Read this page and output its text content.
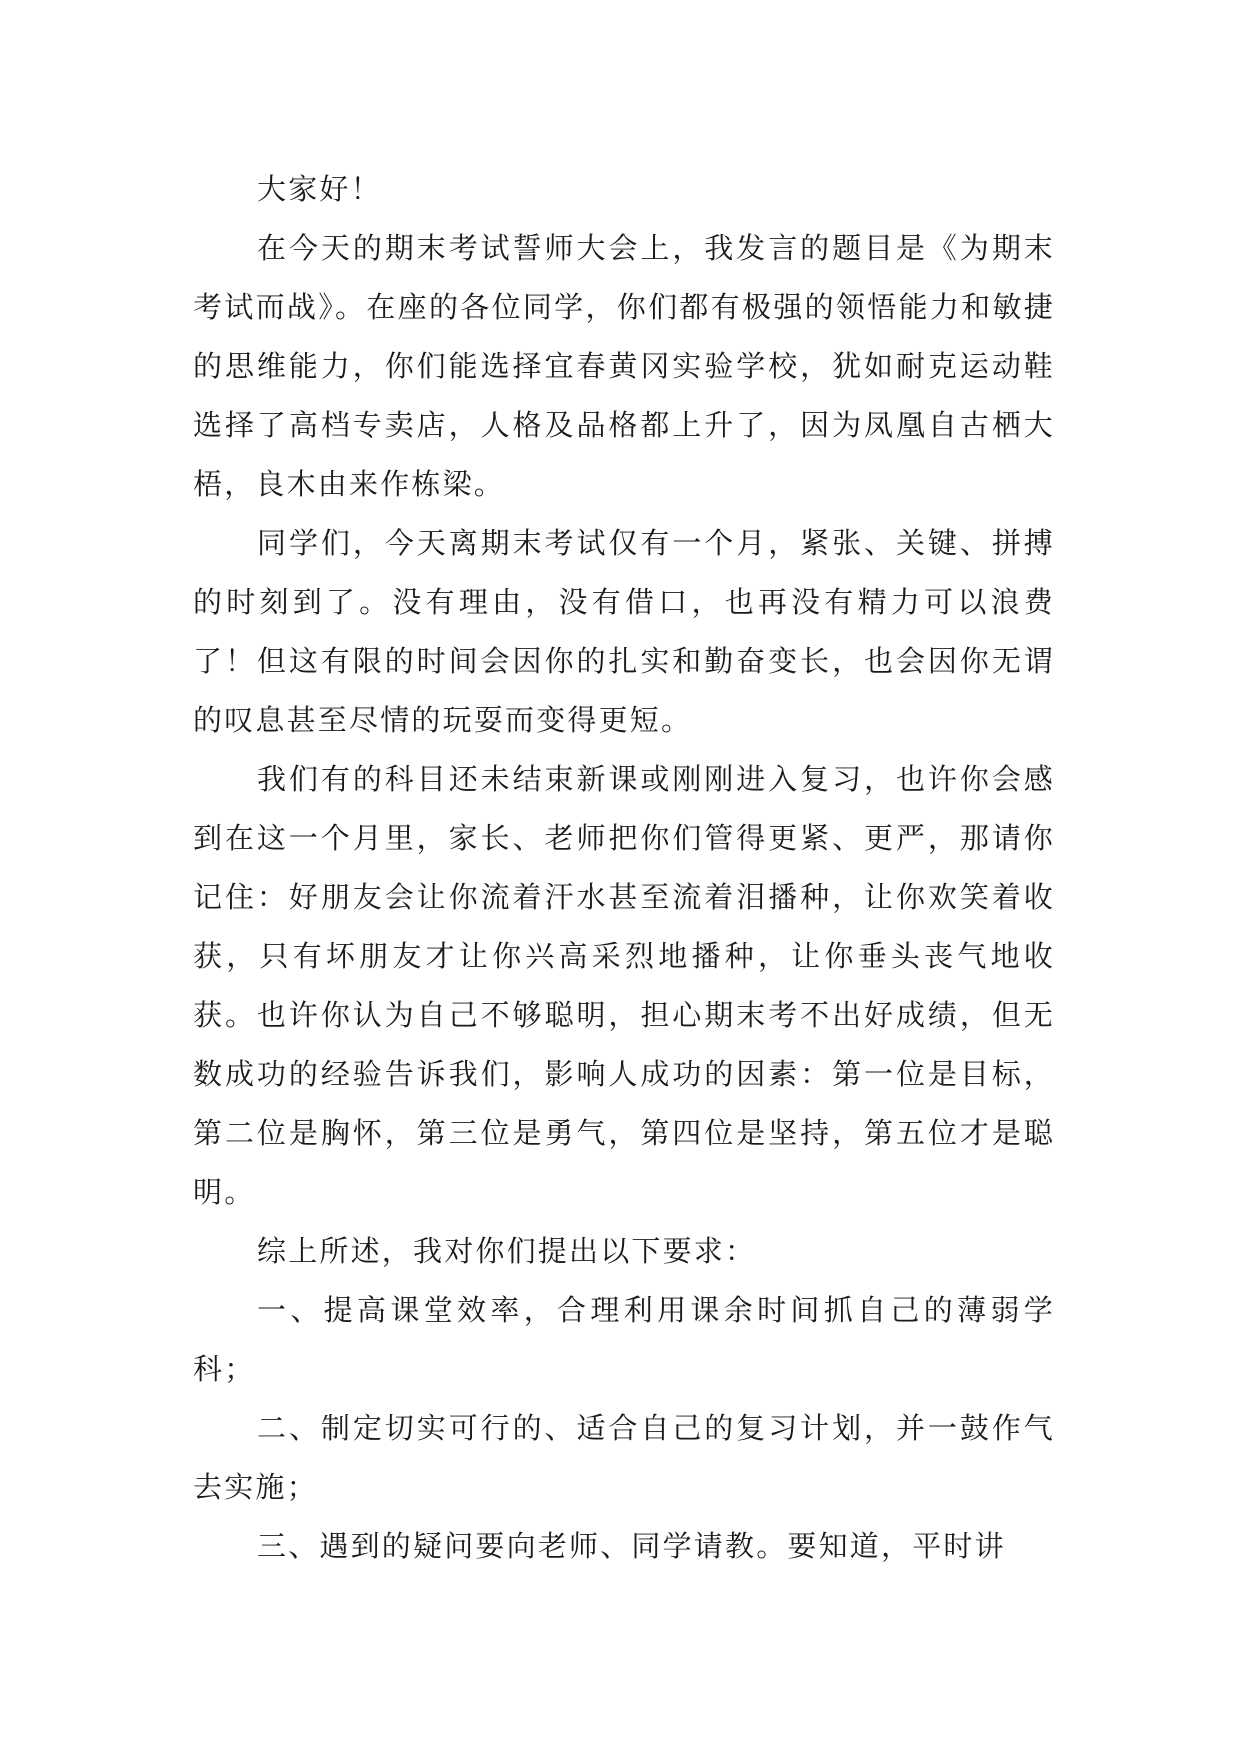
大家好！

在今天的期末考试誓师大会上，我发言的题目是《为期末考试而战》。在座的各位同学，你们都有极强的领悟能力和敏捷的思维能力，你们能选择宜春黄冈实验学校，犹如耐克运动鞋选择了高档专卖店，人格及品格都上升了，因为凤凰自古栖大梧，良木由来作栋梁。

同学们，今天离期末考试仅有一个月，紧张、关键、拼搏的时刻到了。没有理由，没有借口，也再没有精力可以浪费了！但这有限的时间会因你的扎实和勤奋变长，也会因你无谓的叹息甚至尽情的玩耍而变得更短。

我们有的科目还未结束新课或刚刚进入复习，也许你会感到在这一个月里，家长、老师把你们管得更紧、更严，那请你记住：好朋友会让你流着汗水甚至流着泪播种，让你欢笑着收获，只有坏朋友才让你兴高采烈地播种，让你垂头丧气地收获。也许你认为自己不够聪明，担心期末考不出好成绩，但无数成功的经验告诉我们，影响人成功的因素：第一位是目标，第二位是胸怀，第三位是勇气，第四位是坚持，第五位才是聪明。

综上所述，我对你们提出以下要求：

一、提高课堂效率，合理利用课余时间抓自己的薄弱学科；

二、制定切实可行的、适合自己的复习计划，并一鼓作气去实施；

三、遇到的疑问要向老师、同学请教。要知道，平时讲
